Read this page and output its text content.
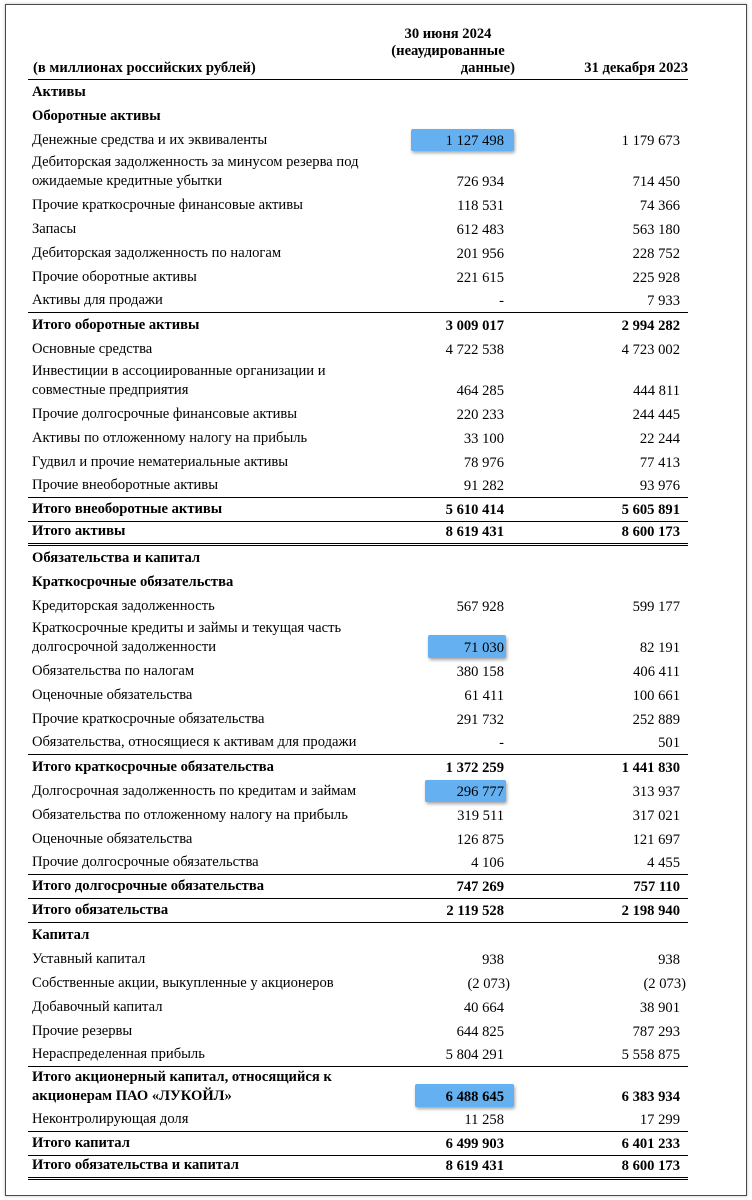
(в миллионах российских рублей)
30 июня 2024
(неаудированные
данные)	31 декабря 2023
Активы
Оборотные активы
Денежные средства и их эквиваленты	1 127 498	1 179 673
Дебиторская задолженность за минусом резерва под
ожидаемые кредитные убытки	726 934	714 450
Прочие краткосрочные финансовые активы	118 531	74 366
Запасы	612 483	563 180
Дебиторская задолженность по налогам	201 956	228 752
Прочие оборотные активы	221 615	225 928
Активы для продажи	-	7 933
Итого оборотные активы	3 009 017	2 994 282
Основные средства	4 722 538	4 723 002
Инвестиции в ассоциированные организации и
совместные предприятия	464 285	444 811
Прочие долгосрочные финансовые активы	220 233	244 445
Активы по отложенному налогу на прибыль	33 100	22 244
Гудвил и прочие нематериальные активы	78 976	77 413
Прочие внеоборотные активы	91 282	93 976
Итого внеоборотные активы	5 610 414	5 605 891
Итого активы	8 619 431	8 600 173
Обязательства и капитал
Краткосрочные обязательства
Кредиторская задолженность	567 928	599 177
Краткосрочные кредиты и займы и текущая часть
долгосрочной задолженности	71 030	82 191
Обязательства по налогам	380 158	406 411
Оценочные обязательства	61 411	100 661
Прочие краткосрочные обязательства	291 732	252 889
Обязательства, относящиеся к активам для продажи	-	501
Итого краткосрочные обязательства	1 372 259	1 441 830
Долгосрочная задолженность по кредитам и займам	296 777	313 937
Обязательства по отложенному налогу на прибыль	319 511	317 021
Оценочные обязательства	126 875	121 697
Прочие долгосрочные обязательства	4 106	4 455
Итого долгосрочные обязательства	747 269	757 110
Итого обязательства	2 119 528	2 198 940
Капитал
Уставный капитал	938	938
Собственные акции, выкупленные у акционеров	(2 073)	(2 073)
Добавочный капитал	40 664	38 901
Прочие резервы	644 825	787 293
Нераспределенная прибыль	5 804 291	5 558 875
Итого акционерный капитал, относящийся к
акционерам ПАО «ЛУКОЙЛ»	6 488 645	6 383 934
Неконтролирующая доля	11 258	17 299
Итого капитал	6 499 903	6 401 233
Итого обязательства и капитал	8 619 431	8 600 173
